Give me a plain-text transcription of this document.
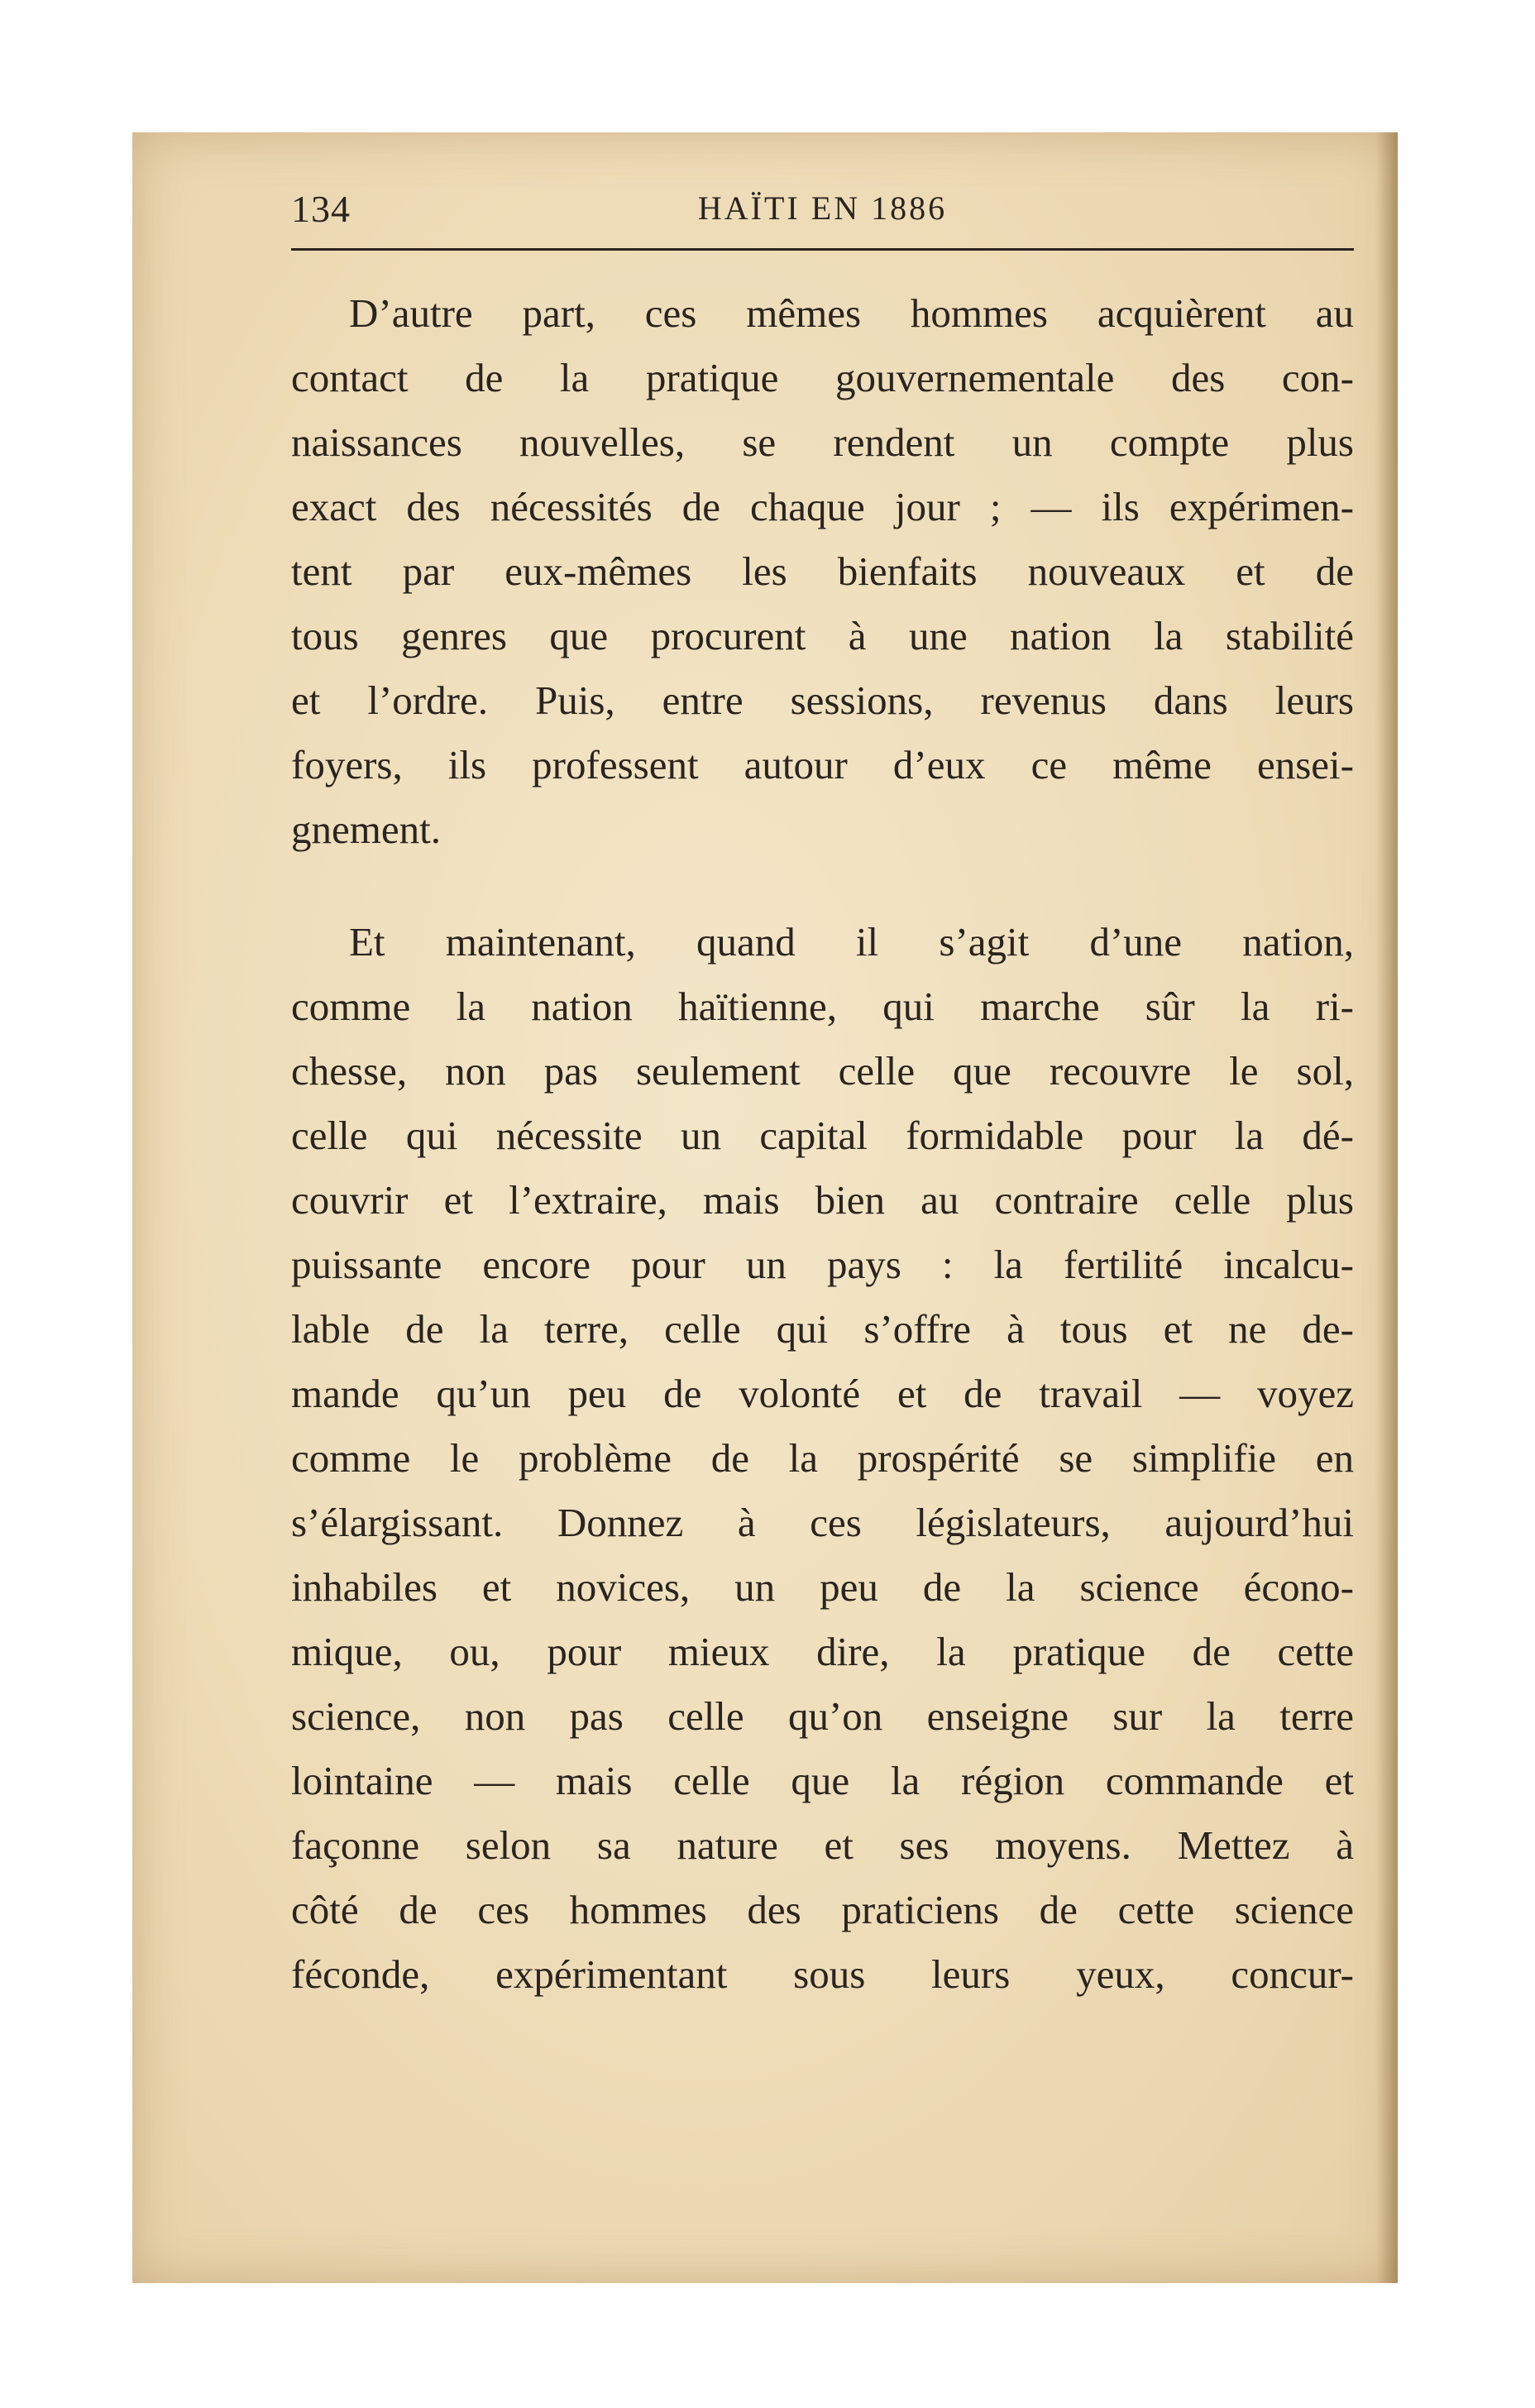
134	HAÏTI EN 1886
D’autre part, ces mêmes hommes acquièrent au
contact de la pratique gouvernementale des con-
naissances nouvelles, se rendent un compte plus
exact des nécessités de chaque jour ; — ils expérimen-
tent par eux-mêmes les bienfaits nouveaux et de
tous genres que procurent à une nation la stabilité
et l’ordre. Puis, entre sessions, revenus dans leurs
foyers, ils professent autour d’eux ce même ensei-
gnement.
Et maintenant, quand il s’agit d’une nation,
comme la nation haïtienne, qui marche sûr la ri-
chesse, non pas seulement celle que recouvre le sol,
celle qui nécessite un capital formidable pour la dé-
couvrir et l’extraire, mais bien au contraire celle plus
puissante encore pour un pays : la fertilité incalcu-
lable de la terre, celle qui s’offre à tous et ne de-
mande qu’un peu de volonté et de travail — voyez
comme le problème de la prospérité se simplifie en
s’élargissant. Donnez à ces législateurs, aujourd’hui
inhabiles et novices, un peu de la science écono-
mique, ou, pour mieux dire, la pratique de cette
science, non pas celle qu’on enseigne sur la terre
lointaine — mais celle que la région commande et
façonne selon sa nature et ses moyens. Mettez à
côté de ces hommes des praticiens de cette science
féconde, expérimentant sous leurs yeux, concur-
